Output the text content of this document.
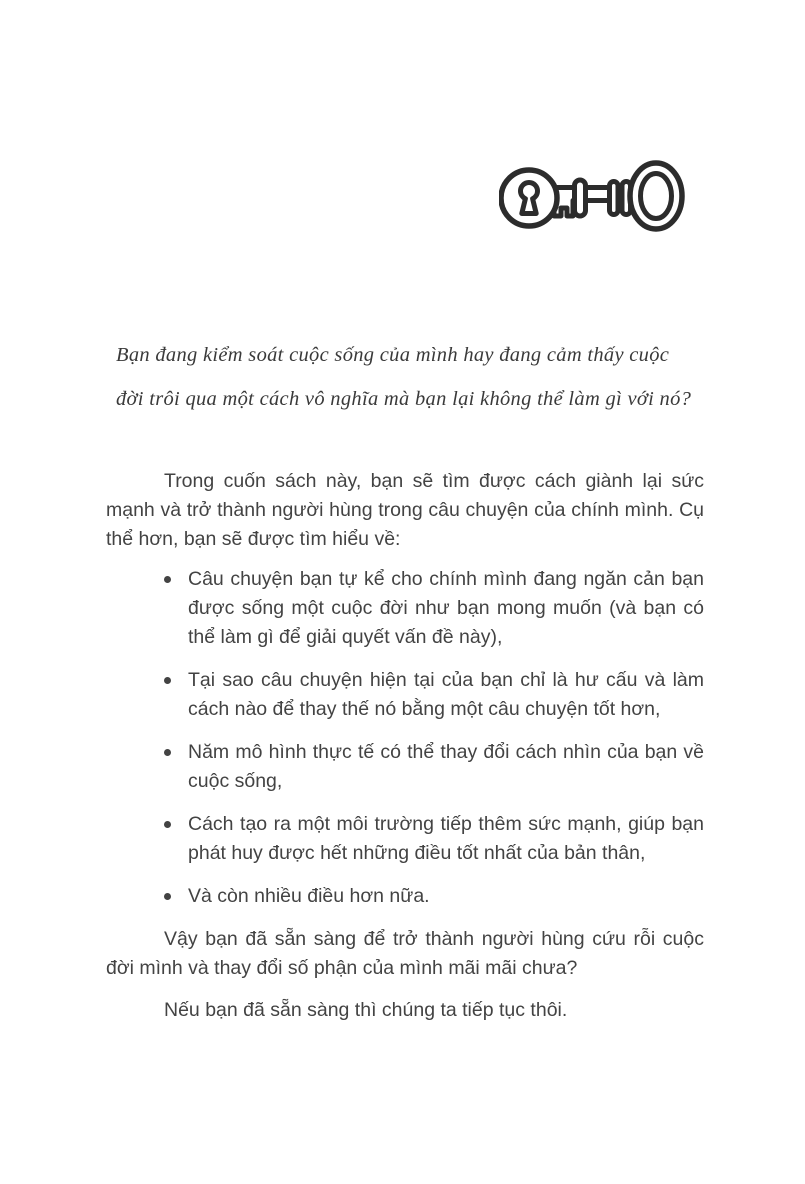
Bạn đang kiểm soát cuộc sống của mình hay đang cảm thấy cuộc đời trôi qua một cách vô nghĩa mà bạn lại không thể làm gì với nó?

Trong cuốn sách này, bạn sẽ tìm được cách giành lại sức mạnh và trở thành người hùng trong câu chuyện của chính mình. Cụ thể hơn, bạn sẽ được tìm hiểu về:

Câu chuyện bạn tự kể cho chính mình đang ngăn cản bạn được sống một cuộc đời như bạn mong muốn (và bạn có thể làm gì để giải quyết vấn đề này),
Tại sao câu chuyện hiện tại của bạn chỉ là hư cấu và làm cách nào để thay thế nó bằng một câu chuyện tốt hơn,
Năm mô hình thực tế có thể thay đổi cách nhìn của bạn về cuộc sống,
Cách tạo ra một môi trường tiếp thêm sức mạnh, giúp bạn phát huy được hết những điều tốt nhất của bản thân,
Và còn nhiều điều hơn nữa.

Vậy bạn đã sẵn sàng để trở thành người hùng cứu rỗi cuộc đời mình và thay đổi số phận của mình mãi mãi chưa?

Nếu bạn đã sẵn sàng thì chúng ta tiếp tục thôi.
